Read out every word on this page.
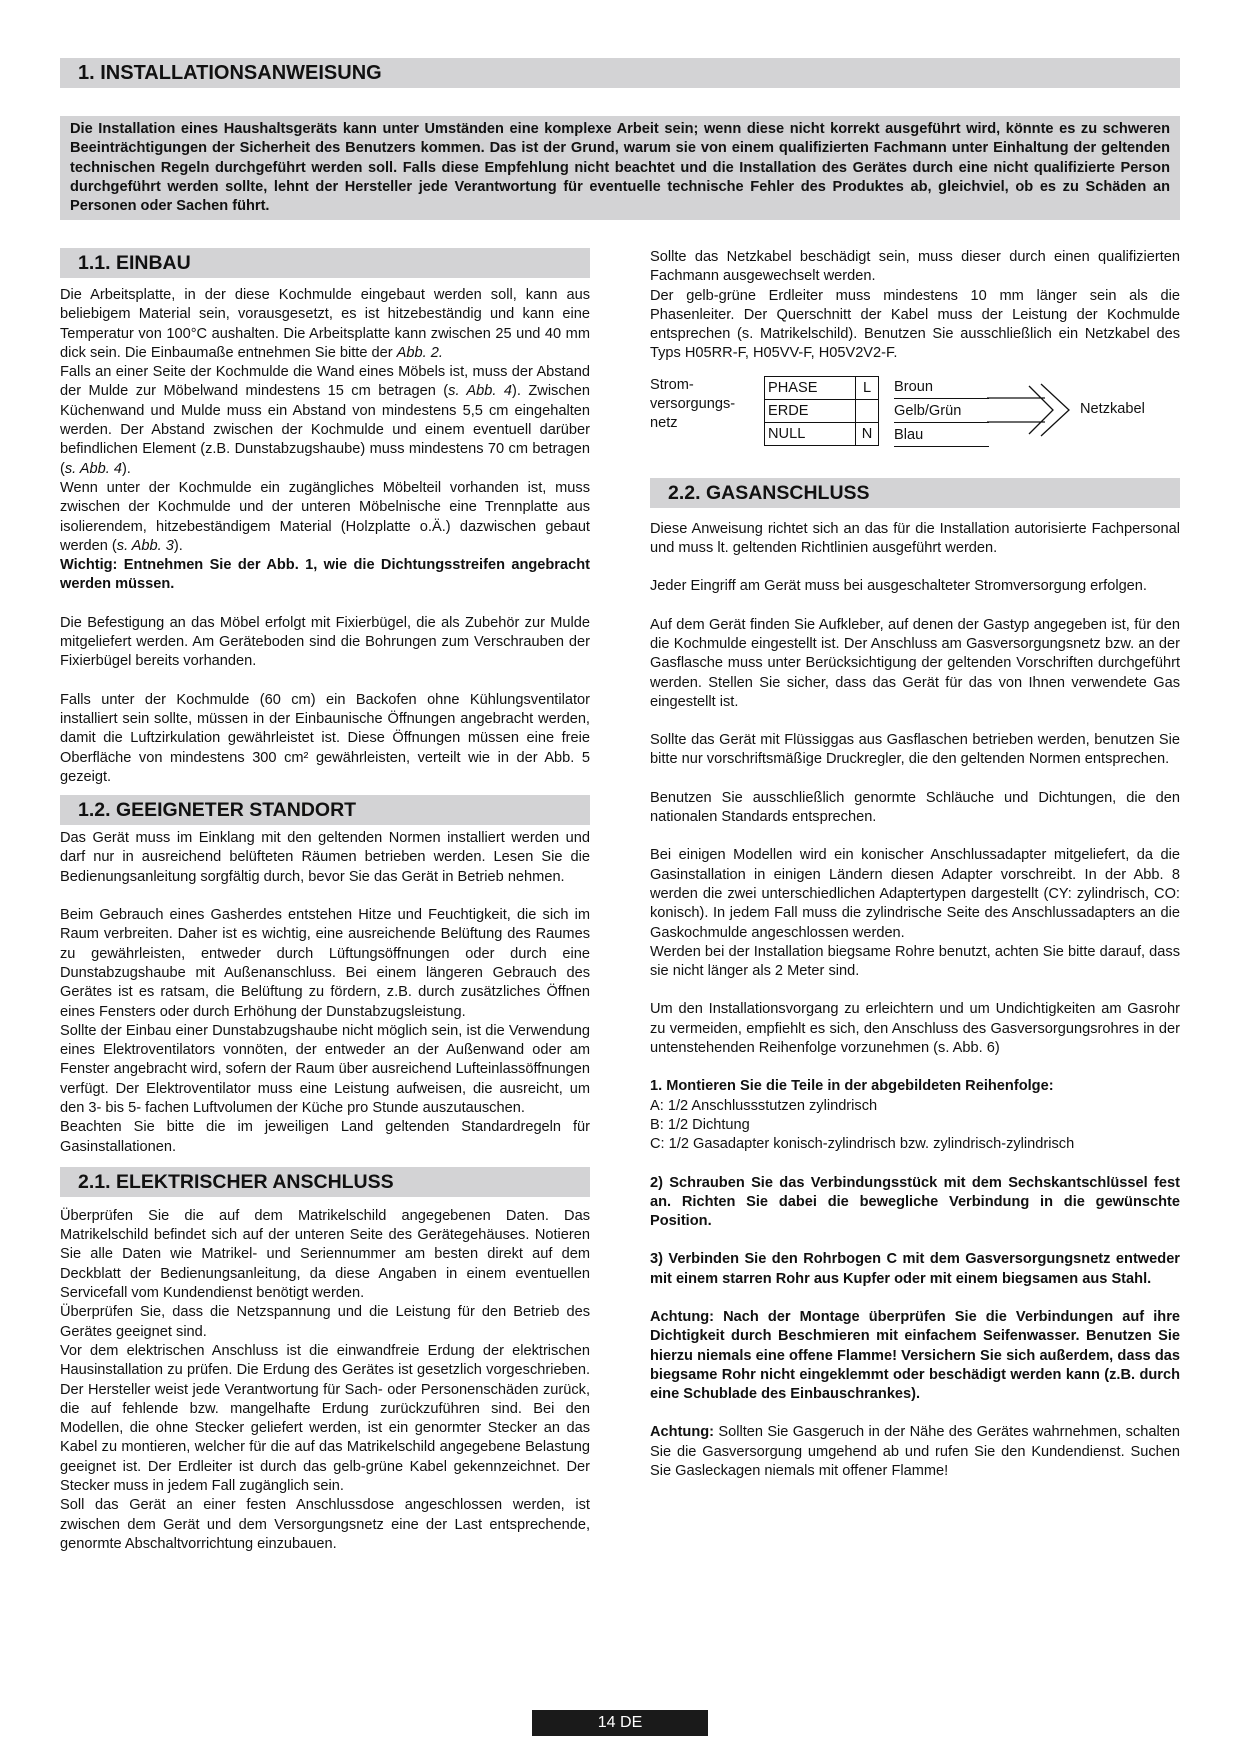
1. INSTALLATIONSANWEISUNG
Die Installation eines Haushaltsgeräts kann unter Umständen eine komplexe Arbeit sein; wenn diese nicht korrekt ausgeführt wird, könnte es zu schweren Beeinträchtigungen der Sicherheit des Benutzers kommen. Das ist der Grund, warum sie von einem qualifizierten Fachmann unter Einhaltung der geltenden technischen Regeln durchgeführt werden soll. Falls diese Empfehlung nicht beachtet und die Installation des Gerätes durch eine nicht qualifizierte Person durchgeführt werden sollte, lehnt der Hersteller jede Verantwortung für eventuelle technische Fehler des Produktes ab, gleichviel, ob es zu Schäden an Personen oder Sachen führt.
1.1. EINBAU

Die Arbeitsplatte, in der diese Kochmulde eingebaut werden soll, kann aus beliebigem Material sein, vorausgesetzt, es ist hitzebeständig und kann eine Temperatur von 100°C aushalten. Die Arbeitsplatte kann zwischen 25 und 40 mm dick sein. Die Einbaumaße entnehmen Sie bitte der Abb. 2.

Falls an einer Seite der Kochmulde die Wand eines Möbels ist, muss der Abstand der Mulde zur Möbelwand mindestens 15 cm betragen (s. Abb. 4). Zwischen Küchenwand und Mulde muss ein Abstand von mindestens 5,5 cm eingehalten werden. Der Abstand zwischen der Kochmulde und einem eventuell darüber befindlichen Element (z.B. Dunstabzugshaube) muss mindestens 70 cm betragen (s. Abb. 4).

Wenn unter der Kochmulde ein zugängliches Möbelteil vorhanden ist, muss zwischen der Kochmulde und der unteren Möbelnische eine Trennplatte aus isolierendem, hitzebeständigem Material (Holzplatte o.Ä.) dazwischen gebaut werden (s. Abb. 3).

Wichtig: Entnehmen Sie der Abb. 1, wie die Dichtungsstreifen angebracht werden müssen.

Die Befestigung an das Möbel erfolgt mit Fixierbügel, die als Zubehör zur Mulde mitgeliefert werden. Am Geräteboden sind die Bohrungen zum Verschrauben der Fixierbügel bereits vorhanden.

Falls unter der Kochmulde (60 cm) ein Backofen ohne Kühlungsventilator installiert sein sollte, müssen in der Einbaunische Öffnungen angebracht werden, damit die Luftzirkulation gewährleistet ist. Diese Öffnungen müssen eine freie Oberfläche von mindestens 300 cm² gewährleisten, verteilt wie in der Abb. 5 gezeigt.

1.2. GEEIGNETER STANDORT

Das Gerät muss im Einklang mit den geltenden Normen installiert werden und darf nur in ausreichend belüfteten Räumen betrieben werden. Lesen Sie die Bedienungsanleitung sorgfältig durch, bevor Sie das Gerät in Betrieb nehmen.

Beim Gebrauch eines Gasherdes entstehen Hitze und Feuchtigkeit, die sich im Raum verbreiten. Daher ist es wichtig, eine ausreichende Belüftung des Raumes zu gewährleisten, entweder durch Lüftungsöffnungen oder durch eine Dunstabzugshaube mit Außenanschluss. Bei einem längeren Gebrauch des Gerätes ist es ratsam, die Belüftung zu fördern, z.B. durch zusätzliches Öffnen eines Fensters oder durch Erhöhung der Dunstabzugsleistung.

Sollte der Einbau einer Dunstabzugshaube nicht möglich sein, ist die Verwendung eines Elektroventilators vonnöten, der entweder an der Außenwand oder am Fenster angebracht wird, sofern der Raum über ausreichend Lufteinlassöffnungen verfügt. Der Elektroventilator muss eine Leistung aufweisen, die ausreicht, um den 3- bis 5- fachen Luftvolumen der Küche pro Stunde auszutauschen.

Beachten Sie bitte die im jeweiligen Land geltenden Standardregeln für Gasinstallationen.

2.1. ELEKTRISCHER ANSCHLUSS

Überprüfen Sie die auf dem Matrikelschild angegebenen Daten. Das Matrikelschild befindet sich auf der unteren Seite des Gerätegehäuses. Notieren Sie alle Daten wie Matrikel- und Seriennummer am besten direkt auf dem Deckblatt der Bedienungsanleitung, da diese Angaben in einem eventuellen Servicefall vom Kundendienst benötigt werden.

Überprüfen Sie, dass die Netzspannung und die Leistung für den Betrieb des Gerätes geeignet sind.

Vor dem elektrischen Anschluss ist die einwandfreie Erdung der elektrischen Hausinstallation zu prüfen. Die Erdung des Gerätes ist gesetzlich vorgeschrieben. Der Hersteller weist jede Verantwortung für Sach- oder Personenschäden zurück, die auf fehlende bzw. mangelhafte Erdung zurückzuführen sind. Bei den Modellen, die ohne Stecker geliefert werden, ist ein genormter Stecker an das Kabel zu montieren, welcher für die auf das Matrikelschild angegebene Belastung geeignet ist. Der Erdleiter ist durch das gelb-grüne Kabel gekennzeichnet. Der Stecker muss in jedem Fall zugänglich sein.

Soll das Gerät an einer festen Anschlussdose angeschlossen werden, ist zwischen dem Gerät und dem Versorgungsnetz eine der Last entsprechende, genormte Abschaltvorrichtung einzubauen.

Sollte das Netzkabel beschädigt sein, muss dieser durch einen qualifizierten Fachmann ausgewechselt werden.

Der gelb-grüne Erdleiter muss mindestens 10 mm länger sein als die Phasenleiter. Der Querschnitt der Kabel muss der Leistung der Kochmulde entsprechen (s. Matrikelschild). Benutzen Sie ausschließlich ein Netzkabel des Typs H05RR-F, H05VV-F, H05V2V2-F.

Strom-versorgungs-netz
PHASE	L
ERDE	
NULL	N
Broun
Gelb/Grün
Blau
Netzkabel
2.2. GASANSCHLUSS

Diese Anweisung richtet sich an das für die Installation autorisierte Fachpersonal und muss lt. geltenden Richtlinien ausgeführt werden.

Jeder Eingriff am Gerät muss bei ausgeschalteter Stromversorgung erfolgen.

Auf dem Gerät finden Sie Aufkleber, auf denen der Gastyp angegeben ist, für den die Kochmulde eingestellt ist. Der Anschluss am Gasversorgungsnetz bzw. an der Gasflasche muss unter Berücksichtigung der geltenden Vorschriften durchgeführt werden. Stellen Sie sicher, dass das Gerät für das von Ihnen verwendete Gas eingestellt ist.

Sollte das Gerät mit Flüssiggas aus Gasflaschen betrieben werden, benutzen Sie bitte nur vorschriftsmäßige Druckregler, die den geltenden Normen entsprechen.

Benutzen Sie ausschließlich genormte Schläuche und Dichtungen, die den nationalen Standards entsprechen.

Bei einigen Modellen wird ein konischer Anschlussadapter mitgeliefert, da die Gasinstallation in einigen Ländern diesen Adapter vorschreibt. In der Abb. 8 werden die zwei unterschiedlichen Adaptertypen dargestellt (CY: zylindrisch, CO: konisch). In jedem Fall muss die zylindrische Seite des Anschlussadapters an die Gaskochmulde angeschlossen werden.

Werden bei der Installation biegsame Rohre benutzt, achten Sie bitte darauf, dass sie nicht länger als 2 Meter sind.

Um den Installationsvorgang zu erleichtern und um Undichtigkeiten am Gasrohr zu vermeiden, empfiehlt es sich, den Anschluss des Gasversorgungsrohres in der untenstehenden Reihenfolge vorzunehmen (s. Abb. 6)

1. Montieren Sie die Teile in der abgebildeten Reihenfolge:

A: 1/2 Anschlussstutzen zylindrisch

B: 1/2 Dichtung

C: 1/2 Gasadapter konisch-zylindrisch bzw. zylindrisch-zylindrisch

2) Schrauben Sie das Verbindungsstück mit dem Sechskantschlüssel fest an. Richten Sie dabei die bewegliche Verbindung in die gewünschte Position.

3) Verbinden Sie den Rohrbogen C mit dem Gasversorgungsnetz entweder mit einem starren Rohr aus Kupfer oder mit einem biegsamen aus Stahl.

Achtung: Nach der Montage überprüfen Sie die Verbindungen auf ihre Dichtigkeit durch Beschmieren mit einfachem Seifenwasser. Benutzen Sie hierzu niemals eine offene Flamme! Versichern Sie sich außerdem, dass das biegsame Rohr nicht eingeklemmt oder beschädigt werden kann (z.B. durch eine Schublade des Einbauschrankes).

Achtung: Sollten Sie Gasgeruch in der Nähe des Gerätes wahrnehmen, schalten Sie die Gasversorgung umgehend ab und rufen Sie den Kundendienst. Suchen Sie Gasleckagen niemals mit offener Flamme!

14 DE
